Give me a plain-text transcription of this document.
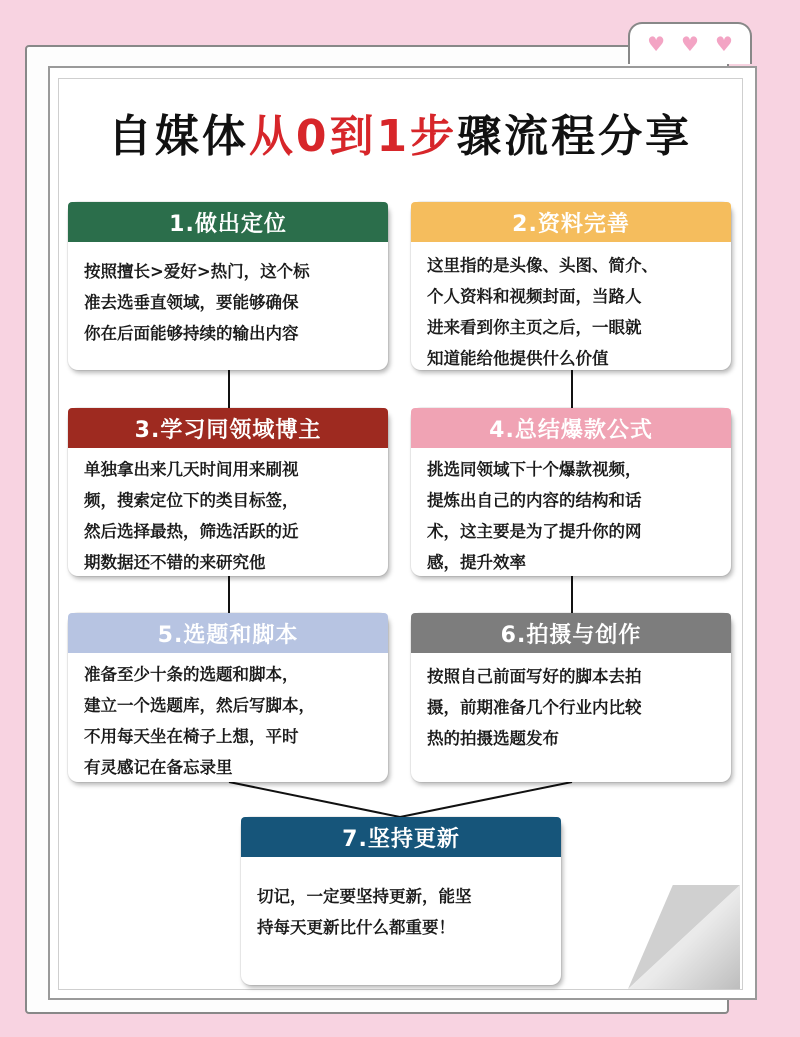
♥ ♥ ♥
自媒体从0到1步骤流程分享
1.做出定位
按照擅长>爱好>热门，这个标
准去选垂直领域，要能够确保
你在后面能够持续的输出内容
2.资料完善
这里指的是头像、头图、简介、
个人资料和视频封面，当路人
进来看到你主页之后，一眼就
知道能给他提供什么价值
3.学习同领域博主
单独拿出来几天时间用来刷视
频，搜索定位下的类目标签，
然后选择最热，筛选活跃的近
期数据还不错的来研究他
4.总结爆款公式
挑选同领域下十个爆款视频，
提炼出自己的内容的结构和话
术，这主要是为了提升你的网
感，提升效率
5.选题和脚本
准备至少十条的选题和脚本，
建立一个选题库，然后写脚本，
不用每天坐在椅子上想，平时
有灵感记在备忘录里
6.拍摄与创作
按照自己前面写好的脚本去拍
摄，前期准备几个行业内比较
热的拍摄选题发布
7.坚持更新
切记，一定要坚持更新，能坚
持每天更新比什么都重要！
